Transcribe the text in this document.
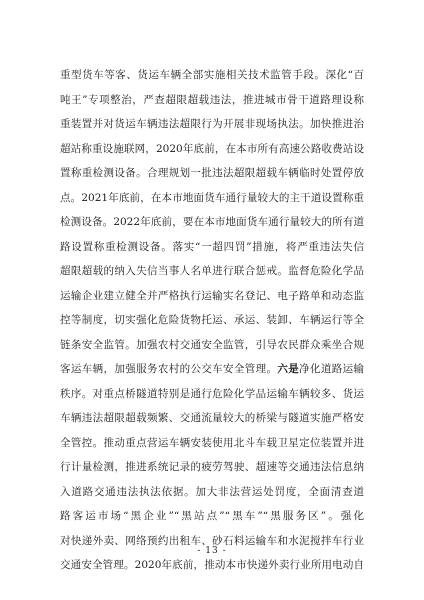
重型货车等客、货运车辆全部实施相关技术监管手段。深化“百
吨王”专项整治，严查超限超载违法，推进城市骨干道路理设称
重装置并对货运车辆违法超限行为开展非现场执法。加快推进治
超站称重设施联网，2020年底前，在本市所有高速公路收费站设
置称重检测设备。合理规划一批违法超限超载车辆临时处置停放
点。2021年底前，在本市地面货车通行量较大的主干道设置称重
检测设备。2022年底前，要在本市地面货车通行量较大的所有道
路设置称重检测设备。落实“一超四罚”措施，将严重违法失信
超限超载的纳入失信当事人名单进行联合惩戒。监督危险化学品
运输企业建立健全并严格执行运输实名登记、电子路单和动态监
控等制度，切实强化危险货物托运、承运、装卸、车辆运行等全
链条安全监管。加强农村交通安全监管，引导农民群众乘坐合规
客运车辆，加强服务农村的公交车安全管理。六是净化道路运输
秩序。对重点桥隧道特别是通行危险化学品运输车辆较多、货运
车辆违法超限超载频繁、交通流量较大的桥梁与隧道实施严格安
全管控。推动重点营运车辆安装使用北斗车载卫星定位装置并进
行计量检测，推进系统记录的疲劳驾驶、超速等交通违法信息纳
入道路交通违法执法依据。加大非法营运处罚度，全面清查道
路客运市场“黑企业”“黑站点”“黑车”“黑服务区”。强化
对快递外卖、网络预约出租车、砂石料运输车和水泥搅拌车行业
交通安全管理。2020年底前，推动本市快递外卖行业所用电动自
- 13 -
